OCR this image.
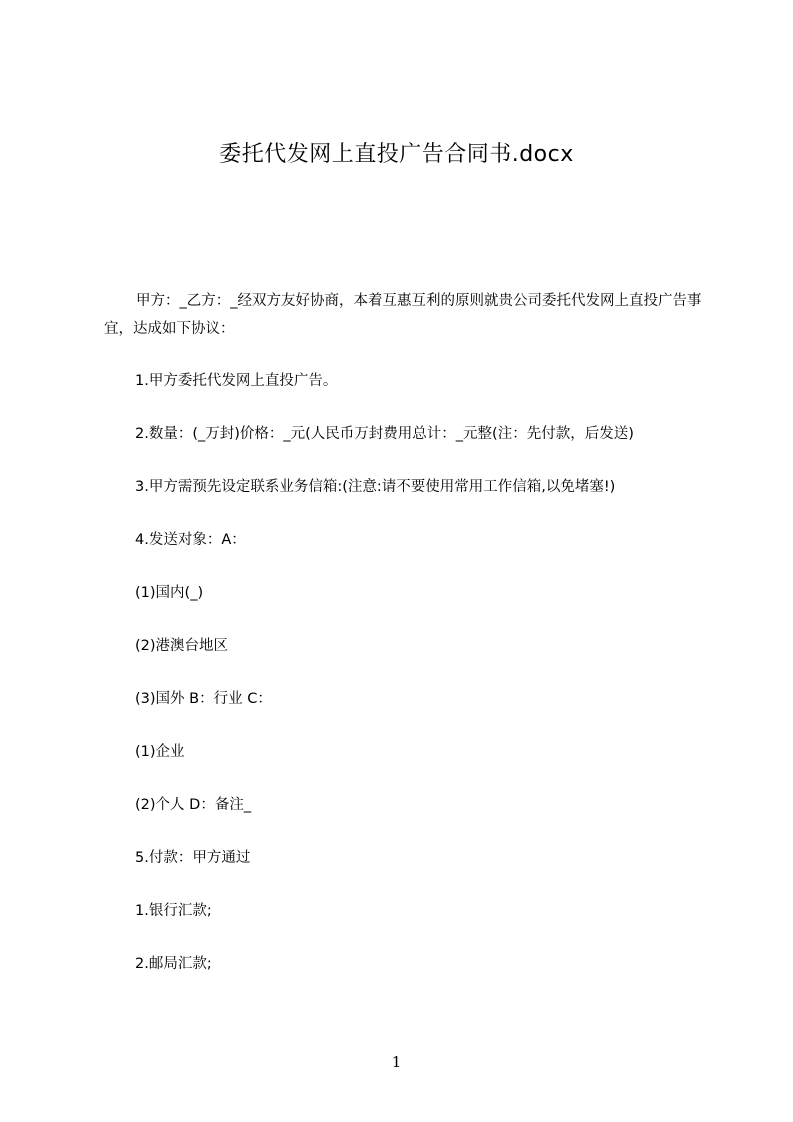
委托代发网上直投广告合同书.docx
甲方：_乙方：_经双方友好协商，本着互惠互利的原则就贵公司委托代发网上直投广告事宜，达成如下协议：
1.甲方委托代发网上直投广告。
2.数量：(_万封)价格：_元(人民币万封费用总计：_元整(注：先付款，后发送)
3.甲方需预先设定联系业务信箱:(注意:请不要使用常用工作信箱,以免堵塞!)
4.发送对象：A：
(1)国内(_)
(2)港澳台地区
(3)国外 B：行业 C：
(1)企业
(2)个人 D：备注_
5.付款：甲方通过
1.银行汇款;
2.邮局汇款;
1
